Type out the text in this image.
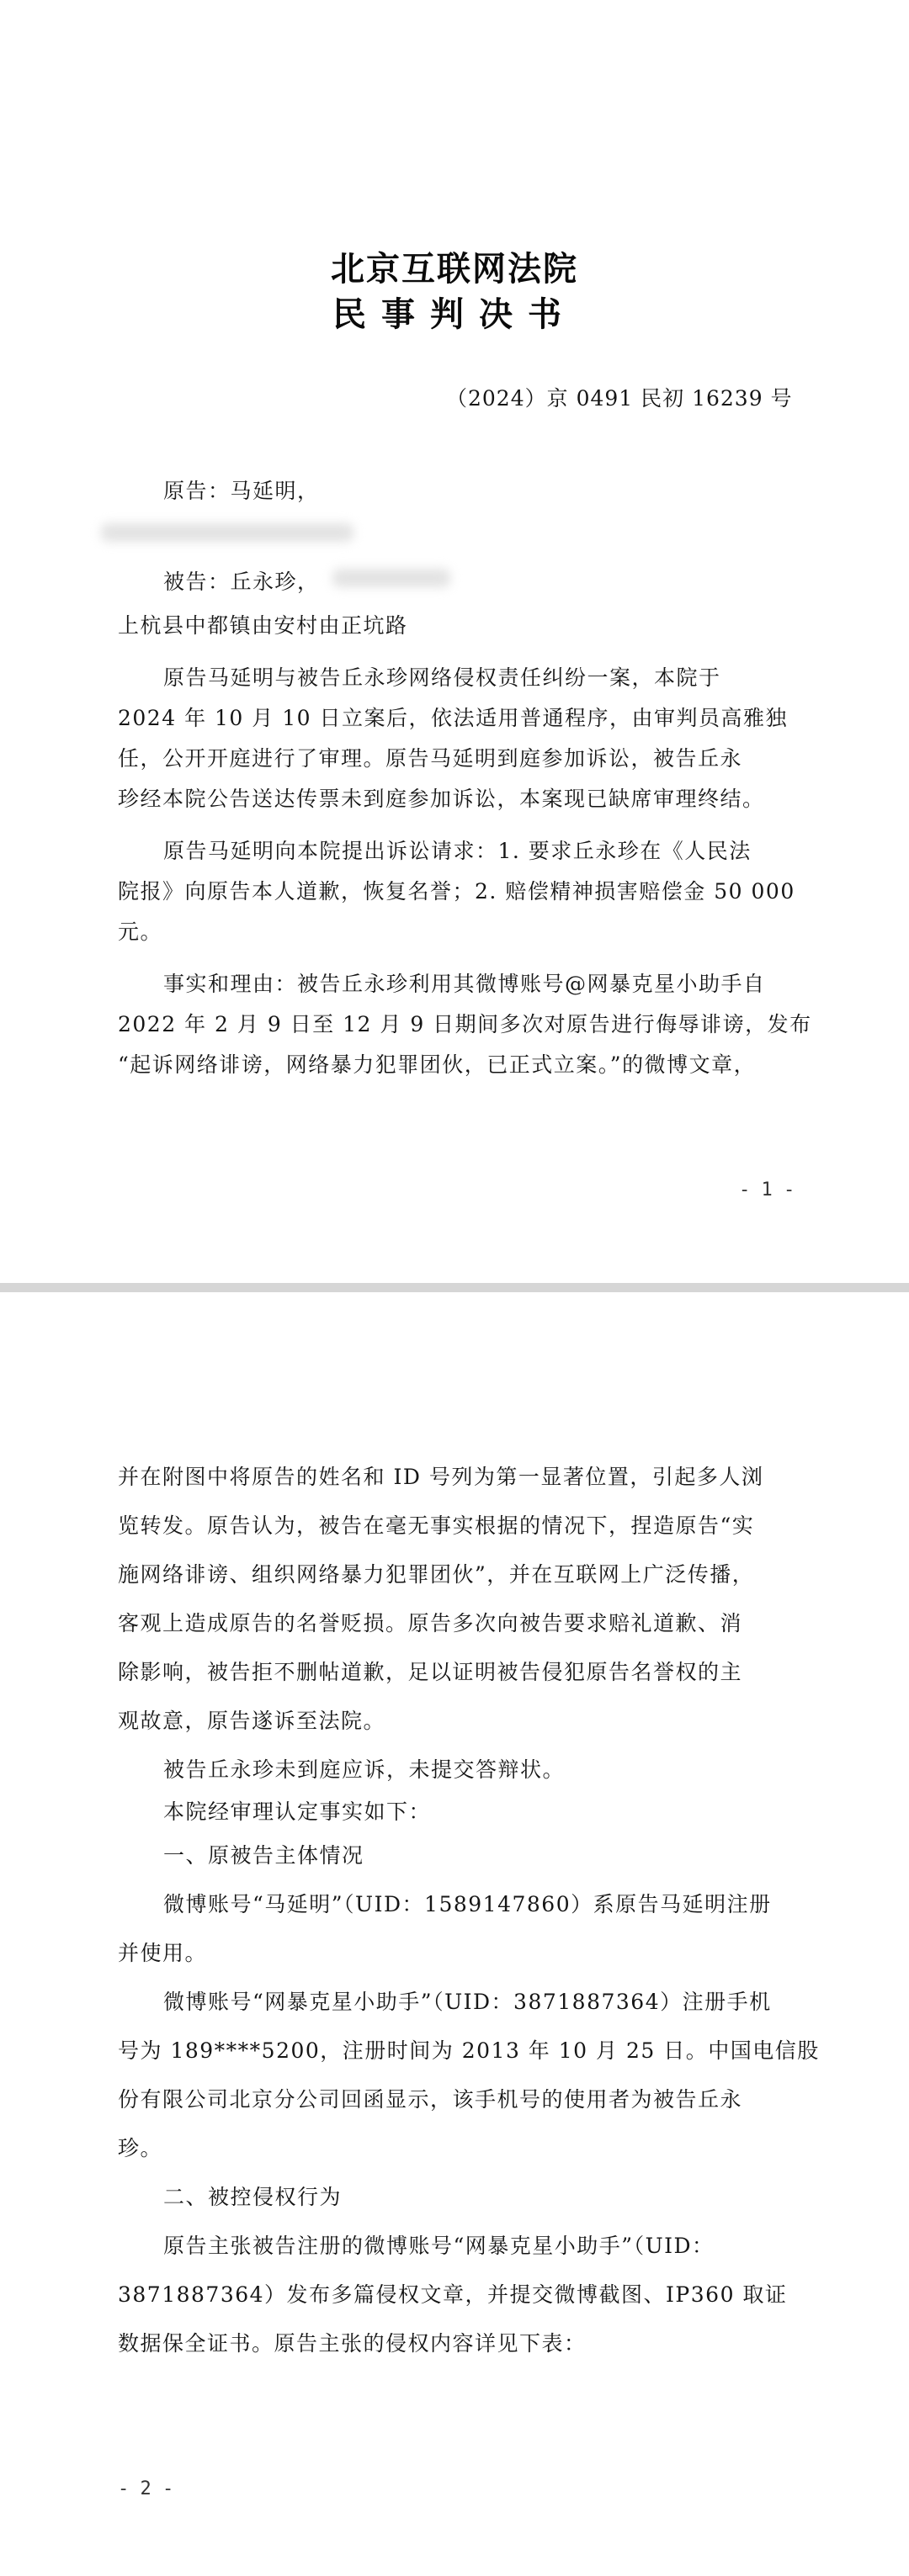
北京互联网法院
民事判决书
（2024）京 0491 民初 16239 号
原告：马延明，
被告：丘永珍，
上杭县中都镇由安村由正坑路
原告马延明与被告丘永珍网络侵权责任纠纷一案，本院于
2024 年 10 月 10 日立案后，依法适用普通程序，由审判员高雅独
任，公开开庭进行了审理。原告马延明到庭参加诉讼，被告丘永
珍经本院公告送达传票未到庭参加诉讼，本案现已缺席审理终结。
原告马延明向本院提出诉讼请求：1. 要求丘永珍在《人民法
院报》向原告本人道歉，恢复名誉；2. 赔偿精神损害赔偿金 50 000
元。
事实和理由：被告丘永珍利用其微博账号@网暴克星小助手自
2022 年 2 月 9 日至 12 月 9 日期间多次对原告进行侮辱诽谤，发布
“起诉网络诽谤，网络暴力犯罪团伙，已正式立案。”的微博文章，
- 1 -
并在附图中将原告的姓名和 ID 号列为第一显著位置，引起多人浏
览转发。原告认为，被告在毫无事实根据的情况下，捏造原告“实
施网络诽谤、组织网络暴力犯罪团伙”，并在互联网上广泛传播，
客观上造成原告的名誉贬损。原告多次向被告要求赔礼道歉、消
除影响，被告拒不删帖道歉，足以证明被告侵犯原告名誉权的主
观故意，原告遂诉至法院。
被告丘永珍未到庭应诉，未提交答辩状。
本院经审理认定事实如下：
一、原被告主体情况
微博账号“马延明”（UID：1589147860）系原告马延明注册
并使用。
微博账号“网暴克星小助手”（UID：3871887364）注册手机
号为 189****5200，注册时间为 2013 年 10 月 25 日。中国电信股
份有限公司北京分公司回函显示，该手机号的使用者为被告丘永
珍。
二、被控侵权行为
原告主张被告注册的微博账号“网暴克星小助手”（UID：
3871887364）发布多篇侵权文章，并提交微博截图、IP360 取证
数据保全证书。原告主张的侵权内容详见下表：
- 2 -
